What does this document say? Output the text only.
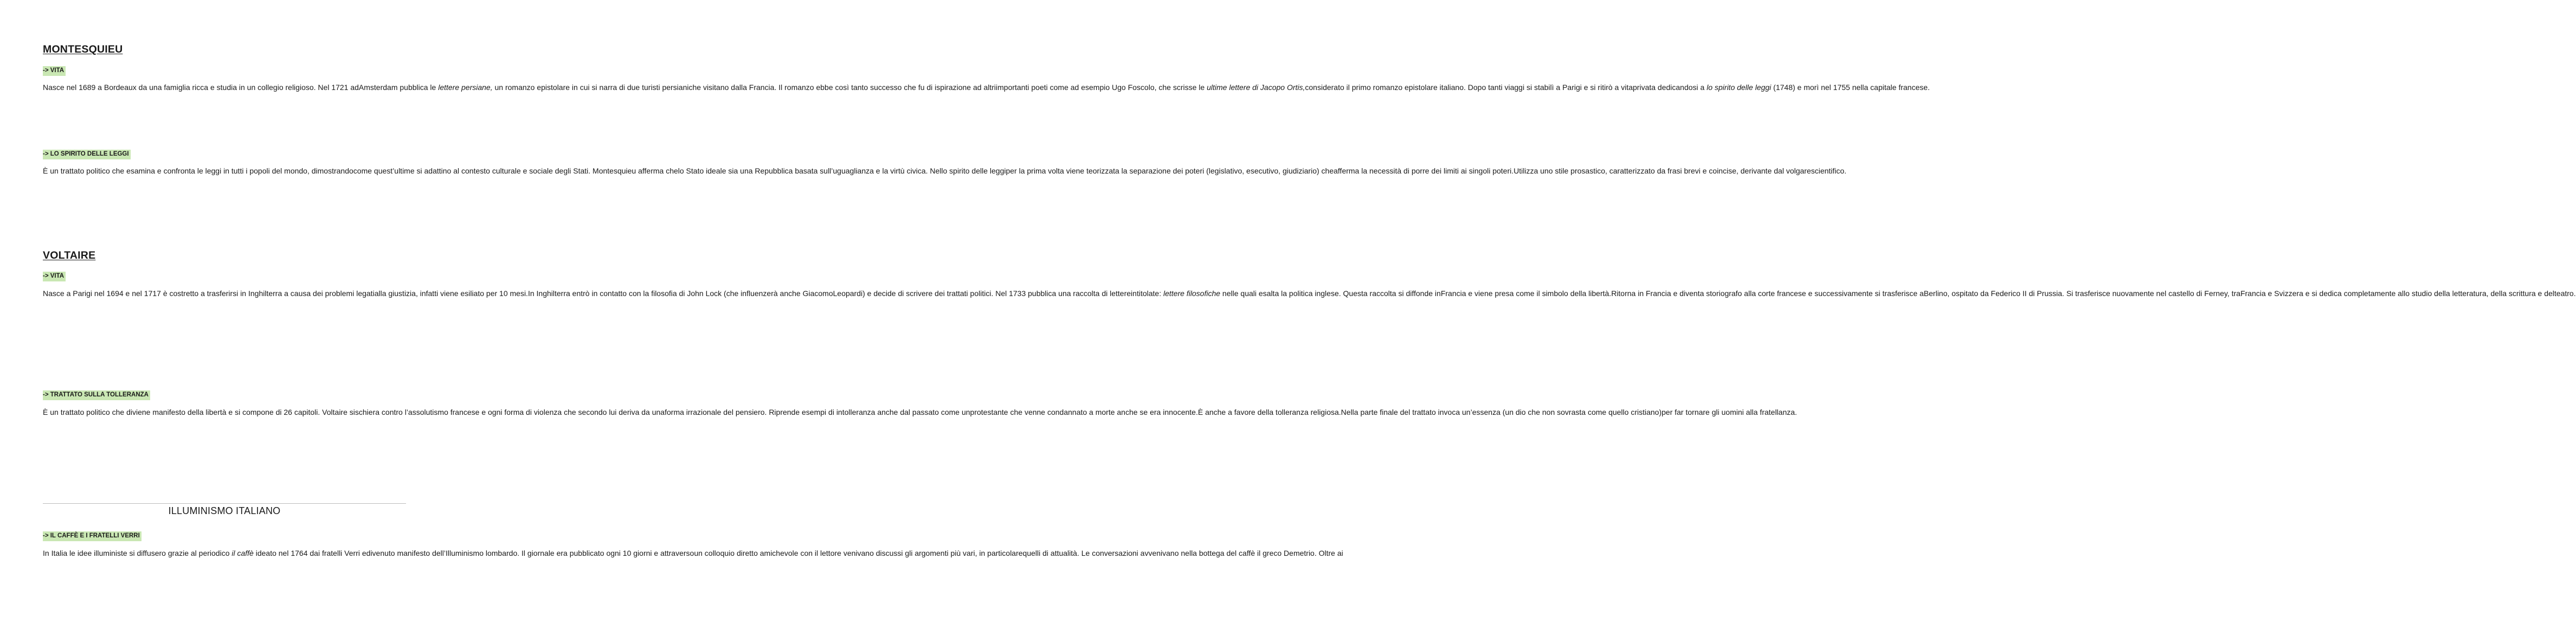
MONTESQUIEU
-> VITA
Nasce nel 1689 a Bordeaux da una famiglia ricca e studia in un collegio religioso. Nel 1721 adAmsterdam pubblica le lettere persiane, un romanzo epistolare in cui si narra di due turisti persianiche visitano dalla Francia. Il romanzo ebbe così tanto successo che fu di ispirazione ad altriimportanti poeti come ad esempio Ugo Foscolo, che scrisse le ultime lettere di Jacopo Ortis,considerato il primo romanzo epistolare italiano. Dopo tanti viaggi si stabilì a Parigi e si ritirò a vitaprivata dedicandosi a lo spirito delle leggi (1748) e morì nel 1755 nella capitale francese.
-> LO SPIRITO DELLE LEGGI
È un trattato politico che esamina e confronta le leggi in tutti i popoli del mondo, dimostrandocome quest’ultime si adattino al contesto culturale e sociale degli Stati. Montesquieu afferma chelo Stato ideale sia una Repubblica basata sull’uguaglianza e la virtù civica. Nello spirito delle leggiper la prima volta viene teorizzata la separazione dei poteri (legislativo, esecutivo, giudiziario) cheafferma la necessità di porre dei limiti ai singoli poteri.Utilizza uno stile prosastico, caratterizzato da frasi brevi e coincise, derivante dal volgarescientifico.
VOLTAIRE
-> VITA
Nasce a Parigi nel 1694 e nel 1717 è costretto a trasferirsi in Inghilterra a causa dei problemi legatialla giustizia, infatti viene esiliato per 10 mesi.In Inghilterra entrò in contatto con la filosofia di John Lock (che influenzerà anche GiacomoLeopardi) e decide di scrivere dei trattati politici. Nel 1733 pubblica una raccolta di lettereintitolate: lettere filosofiche nelle quali esalta la politica inglese. Questa raccolta si diffonde inFrancia e viene presa come il simbolo della libertà.Ritorna in Francia e diventa storiografo alla corte francese e successivamente si trasferisce aBerlino, ospitato da Federico II di Prussia. Si trasferisce nuovamente nel castello di Ferney, traFrancia e Svizzera e si dedica completamente allo studio della letteratura, della scrittura e delteatro.
-> TRATTATO SULLA TOLLERANZA
È un trattato politico che diviene manifesto della libertà e si compone di 26 capitoli. Voltaire sischiera contro l’assolutismo francese e ogni forma di violenza che secondo lui deriva da unaforma irrazionale del pensiero. Riprende esempi di intolleranza anche dal passato come unprotestante che venne condannato a morte anche se era innocente.È anche a favore della tolleranza religiosa.Nella parte finale del trattato invoca un’essenza (un dio che non sovrasta come quello cristiano)per far tornare gli uomini alla fratellanza.
ILLUMINISMO ITALIANO
-> IL CAFFÈ E I FRATELLI VERRI
In Italia le idee illuministe si diffusero grazie al periodico il caffè ideato nel 1764 dai fratelli Verri edivenuto manifesto dell’Illuminismo lombardo. Il giornale era pubblicato ogni 10 giorni e attraversoun colloquio diretto amichevole con il lettore venivano discussi gli argomenti più vari, in particolarequelli di attualità. Le conversazioni avvenivano nella bottega del caffè il greco Demetrio. Oltre ai
